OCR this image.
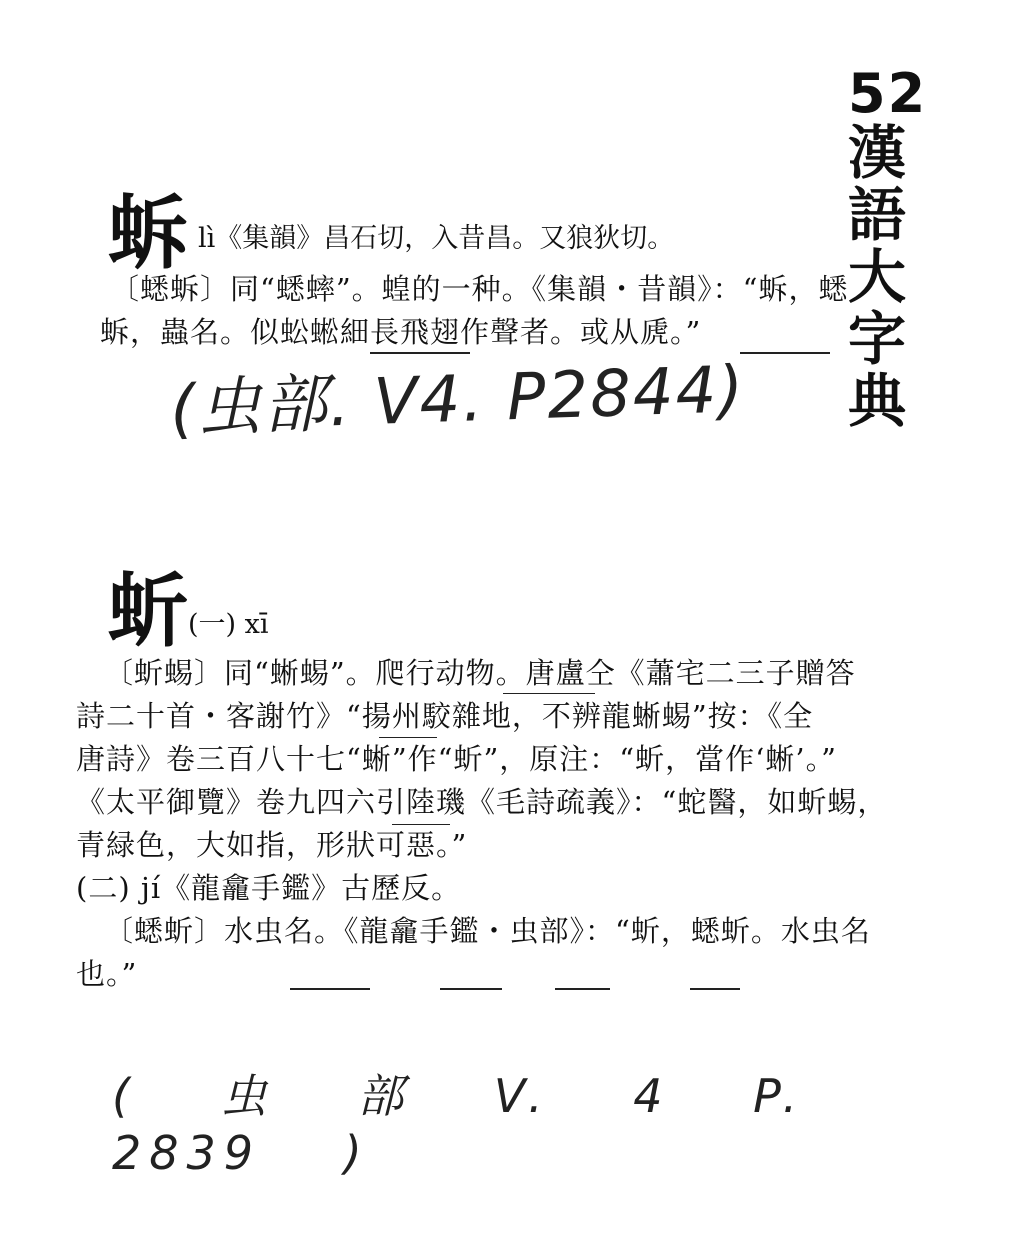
52
漢語大字典
蚸 lì《集韻》昌石切，入昔昌。又狼狄切。
〔蟋蚸〕同“蟋蟀”。蝗的一种。《集韻・昔韻》：“蚸，蟋
蚸，蟲名。似蚣蜙細長飛翅作聲者。或从虒。”
(虫部. V4. P2844)
蚚 (一) xī
〔蚚蜴〕同“蜥蜴”。爬行动物。唐盧仝《蕭宅二三子贈答
詩二十首・客謝竹》“揚州駮雜地，不辨龍蜥蜴”按：《全
唐詩》卷三百八十七“蜥”作“蚚”，原注：“蚚，當作‘蜥’。”
《太平御覽》卷九四六引陸璣《毛詩疏義》：“蛇醫，如蚚蜴，
青緑色，大如指，形狀可惡。”
(二) jí《龍龕手鑑》古歷反。
〔蟋蚚〕水虫名。《龍龕手鑑・虫部》：“蚚，蟋蚚。水虫名
也。”
( 虫 部 V. 4 P. 2839 )
